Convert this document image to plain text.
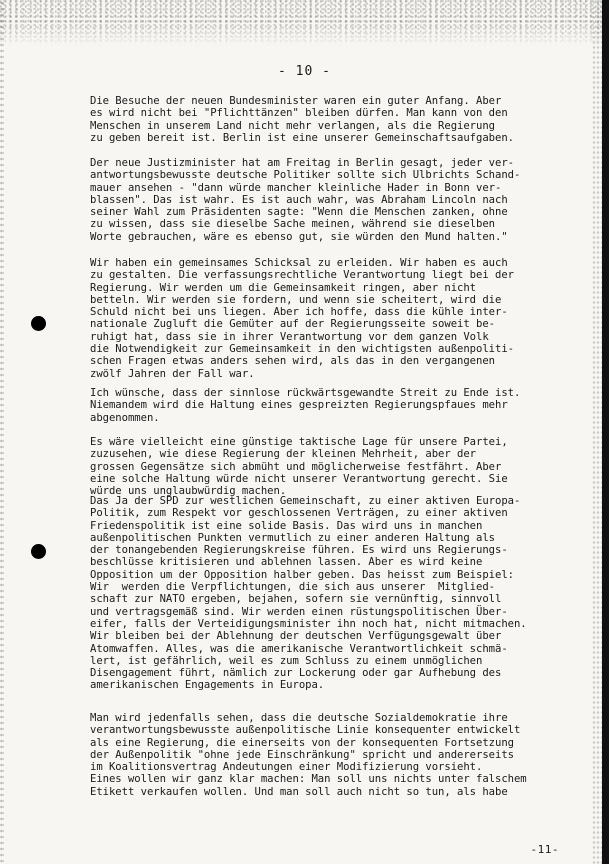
- 10 -
Die Besuche der neuen Bundesminister waren ein guter Anfang. Aber
es wird nicht bei "Pflichttänzen" bleiben dürfen. Man kann von den
Menschen in unserem Land nicht mehr verlangen, als die Regierung
zu geben bereit ist. Berlin ist eine unserer Gemeinschaftsaufgaben.
Der neue Justizminister hat am Freitag in Berlin gesagt, jeder ver-
antwortungsbewusste deutsche Politiker sollte sich Ulbrichts Schand-
mauer ansehen - "dann würde mancher kleinliche Hader in Bonn ver-
blassen". Das ist wahr. Es ist auch wahr, was Abraham Lincoln nach
seiner Wahl zum Präsidenten sagte: "Wenn die Menschen zanken, ohne
zu wissen, dass sie dieselbe Sache meinen, während sie dieselben
Worte gebrauchen, wäre es ebenso gut, sie würden den Mund halten."
Wir haben ein gemeinsames Schicksal zu erleiden. Wir haben es auch
zu gestalten. Die verfassungsrechtliche Verantwortung liegt bei der
Regierung. Wir werden um die Gemeinsamkeit ringen, aber nicht
betteln. Wir werden sie fordern, und wenn sie scheitert, wird die
Schuld nicht bei uns liegen. Aber ich hoffe, dass die kühle inter-
nationale Zugluft die Gemüter auf der Regierungsseite soweit be-
ruhigt hat, dass sie in ihrer Verantwortung vor dem ganzen Volk
die Notwendigkeit zur Gemeinsamkeit in den wichtigsten außenpoliti-
schen Fragen etwas anders sehen wird, als das in den vergangenen
zwölf Jahren der Fall war.
Ich wünsche, dass der sinnlose rückwärtsgewandte Streit zu Ende ist.
Niemandem wird die Haltung eines gespreizten Regierungspfaues mehr
abgenommen.
Es wäre vielleicht eine günstige taktische Lage für unsere Partei,
zuzusehen, wie diese Regierung der kleinen Mehrheit, aber der
grossen Gegensätze sich abmüht und möglicherweise festfährt. Aber
eine solche Haltung würde nicht unserer Verantwortung gerecht. Sie
würde uns unglaubwürdig machen.
Das Ja der SPD zur westlichen Gemeinschaft, zu einer aktiven Europa-
Politik, zum Respekt vor geschlossenen Verträgen, zu einer aktiven
Friedenspolitik ist eine solide Basis. Das wird uns in manchen
außenpolitischen Punkten vermutlich zu einer anderen Haltung als
der tonangebenden Regierungskreise führen. Es wird uns Regierungs-
beschlüsse kritisieren und ablehnen lassen. Aber es wird keine
Opposition um der Opposition halber geben. Das heisst zum Beispiel:
Wir  werden die Verpflichtungen, die sich aus unserer  Mitglied-
schaft zur NATO ergeben, bejahen, sofern sie vernünftig, sinnvoll
und vertragsgemäß sind. Wir werden einen rüstungspolitischen Über-
eifer, falls der Verteidigungsminister ihn noch hat, nicht mitmachen.
Wir bleiben bei der Ablehnung der deutschen Verfügungsgewalt über
Atomwaffen. Alles, was die amerikanische Verantwortlichkeit schmä-
lert, ist gefährlich, weil es zum Schluss zu einem unmöglichen
Disengagement führt, nämlich zur Lockerung oder gar Aufhebung des
amerikanischen Engagements in Europa.
Man wird jedenfalls sehen, dass die deutsche Sozialdemokratie ihre
verantwortungsbewusste außenpolitische Linie konsequenter entwickelt
als eine Regierung, die einerseits von der konsequenten Fortsetzung
der Außenpolitik "ohne jede Einschränkung" spricht und andererseits
im Koalitionsvertrag Andeutungen einer Modifizierung vorsieht.
Eines wollen wir ganz klar machen: Man soll uns nichts unter falschem
Etikett verkaufen wollen. Und man soll auch nicht so tun, als habe
-11-
